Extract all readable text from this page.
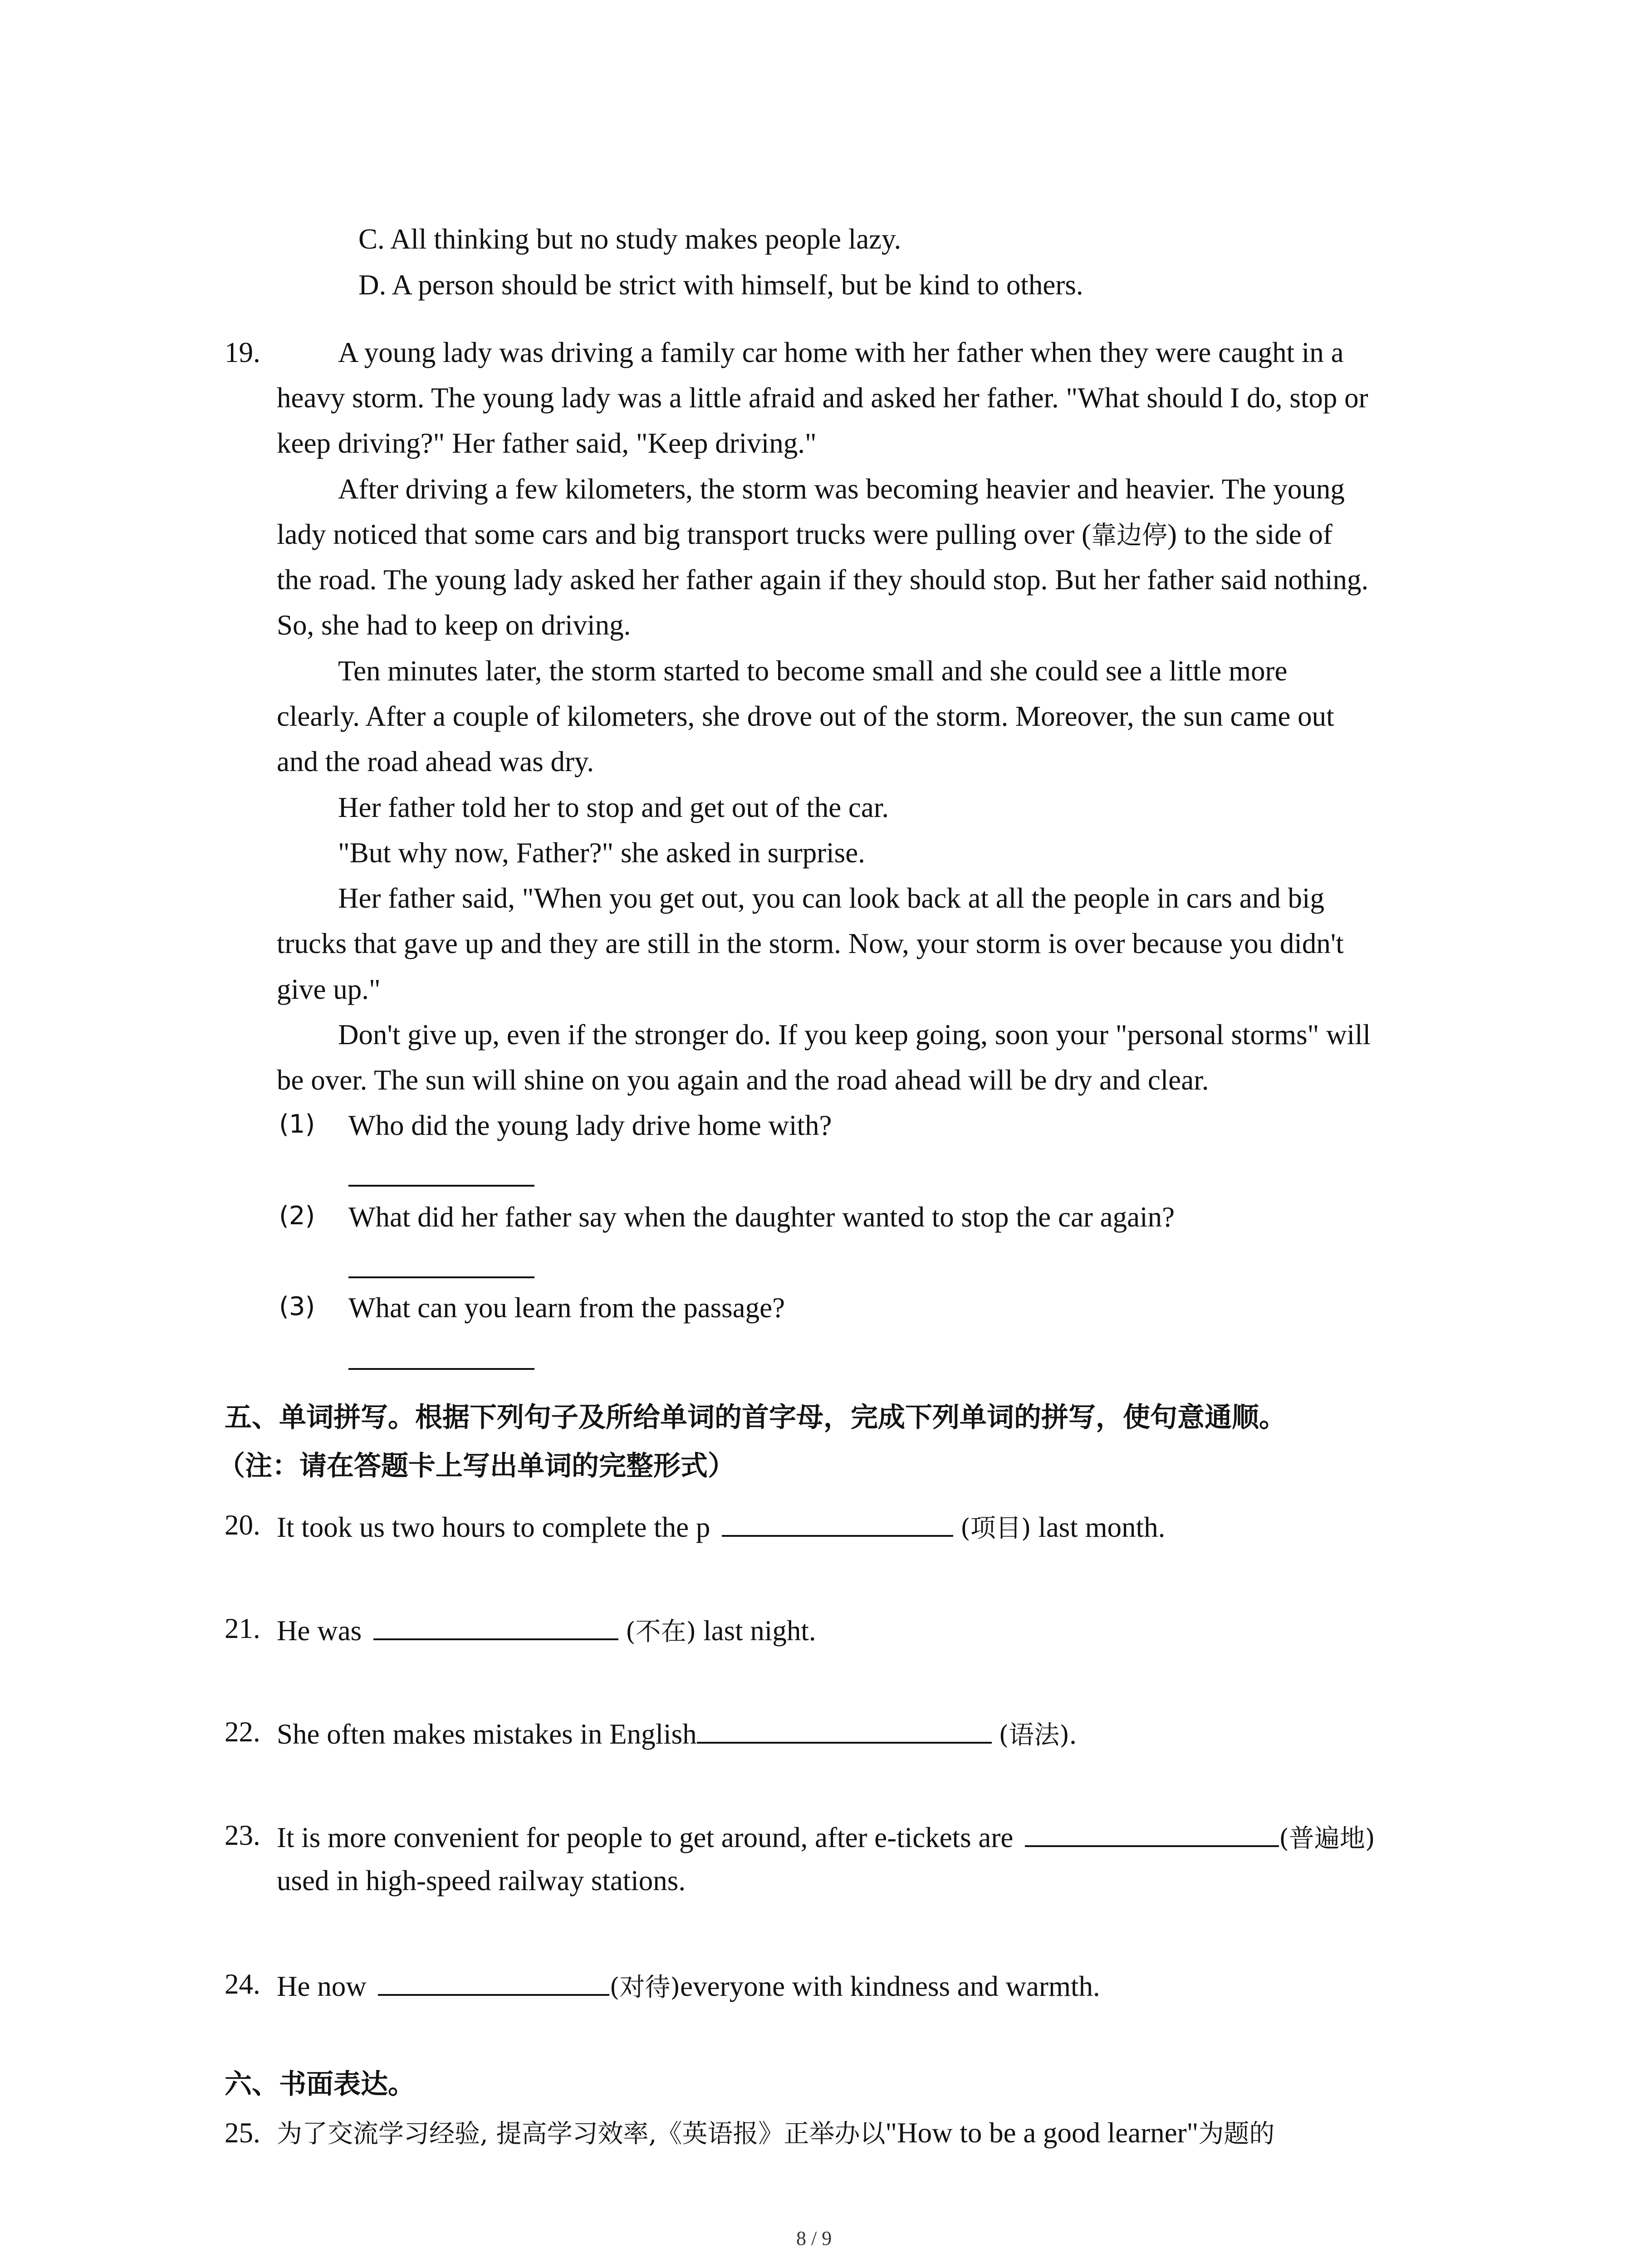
C. All thinking but no study makes people lazy.
D. A person should be strict with himself, but be kind to others.
19.	A young lady was driving a family car home with her father when they were caught in a
heavy storm. The young lady was a little afraid and asked her father. "What should I do, stop or
keep driving?" Her father said, "Keep driving."
After driving a few kilometers, the storm was becoming heavier and heavier. The young
lady noticed that some cars and big transport trucks were pulling over (靠边停) to the side of
the road. The young lady asked her father again if they should stop. But her father said nothing.
So, she had to keep on driving.
Ten minutes later, the storm started to become small and she could see a little more
clearly. After a couple of kilometers, she drove out of the storm. Moreover, the sun came out
and the road ahead was dry.
Her father told her to stop and get out of the car.
"But why now, Father?" she asked in surprise.
Her father said, "When you get out, you can look back at all the people in cars and big
trucks that gave up and they are still in the storm. Now, your storm is over because you didn't
give up."
Don't give up, even if the stronger do. If you keep going, soon your "personal storms" will
be over. The sun will shine on you again and the road ahead will be dry and clear.
(1) Who did the young lady drive home with?
(2) What did her father say when the daughter wanted to stop the car again?
(3) What can you learn from the passage?
五、单词拼写。根据下列句子及所给单词的首字母，完成下列单词的拼写，使句意通顺。
（注：请在答题卡上写出单词的完整形式）
20. It took us two hours to complete the p	(项目) last month.
21. He was	(不在) last night.
22. She often makes mistakes in English	(语法).
23. It is more convenient for people to get around, after e-tickets are	(普遍地)
used in high-speed railway stations.
24. He now	(对待)everyone with kindness and warmth.
六、书面表达。
25. 为了交流学习经验, 提高学习效率,《英语报》正举办以"How to be a good learner"为题的
8 / 9
